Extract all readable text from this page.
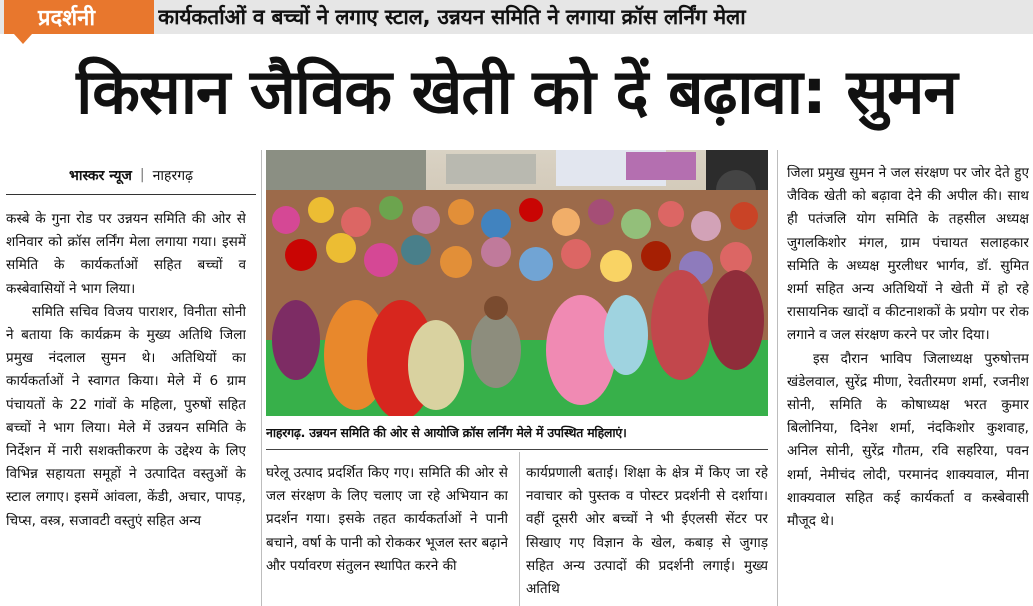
प्रदर्शनी	कार्यकर्ताओं व बच्चों ने लगाए स्टाल, उन्नयन समिति ने लगाया क्रॉस लर्निंग मेला
किसान जैविक खेती को दें बढ़ावा: सुमन
भास्कर न्यूज | नाहरगढ़

कस्बे के गुना रोड पर उन्नयन समिति की ओर से शनिवार को क्रॉस लर्निंग मेला लगाया गया। इसमें समिति के कार्यकर्ताओं सहित बच्चों व कस्बेवासियों ने भाग लिया।

समिति सचिव विजय पाराशर, विनीता सोनी ने बताया कि कार्यक्रम के मुख्य अतिथि जिला प्रमुख नंदलाल सुमन थे। अतिथियों का कार्यकर्ताओं ने स्वागत किया। मेले में 6 ग्राम पंचायतों के 22 गांवों के महिला, पुरुषों सहित बच्चों ने भाग लिया। मेले में उन्नयन समिति के निर्देशन में नारी सशक्तीकरण के उद्देश्य के लिए विभिन्न सहायता समूहों ने उत्पादित वस्तुओं के स्टाल लगाए। इसमें आंवला, केंडी, अचार, पापड़, चिप्स, वस्त्र, सजावटी वस्तुएं सहित अन्य

नाहरगढ़. उन्नयन समिति की ओर से आयोजि क्रॉस लर्निंग मेले में उपस्थित महिलाएं।

घरेलू उत्पाद प्रदर्शित किए गए। समिति की ओर से जल संरक्षण के लिए चलाए जा रहे अभियान का प्रदर्शन गया। इसके तहत कार्यकर्ताओं ने पानी बचाने, वर्षा के पानी को रोककर भूजल स्तर बढ़ाने और पर्यावरण संतुलन स्थापित करने की

कार्यप्रणाली बताई। शिक्षा के क्षेत्र में किए जा रहे नवाचार को पुस्तक व पोस्टर प्रदर्शनी से दर्शाया। वहीं दूसरी ओर बच्चों ने भी ईएलसी सेंटर पर सिखाए गए विज्ञान के खेल, कबाड़ से जुगाड़ सहित अन्य उत्पादों की प्रदर्शनी लगाई। मुख्य अतिथि

जिला प्रमुख सुमन ने जल संरक्षण पर जोर देते हुए जैविक खेती को बढ़ावा देने की अपील की। साथ ही पतंजलि योग समिति के तहसील अध्यक्ष जुगलकिशोर मंगल, ग्राम पंचायत सलाहकार समिति के अध्यक्ष मुरलीधर भार्गव, डॉ. सुमित शर्मा सहित अन्य अतिथियों ने खेती में हो रहे रासायनिक खादों व कीटनाशकों के प्रयोग पर रोक लगाने व जल संरक्षण करने पर जोर दिया।

इस दौरान भाविप जिलाध्यक्ष पुरुषोत्तम खंडेलवाल, सुरेंद्र मीणा, रेवतीरमण शर्मा, रजनीश सोनी, समिति के कोषाध्यक्ष भरत कुमार बिलोनिया, दिनेश शर्मा, नंदकिशोर कुशवाह, अनिल सोनी, सुरेंद्र गौतम, रवि सहरिया, पवन शर्मा, नेमीचंद लोदी, परमानंद शाक्यवाल, मीना शाक्यवाल सहित कई कार्यकर्ता व कस्बेवासी मौजूद थे।
